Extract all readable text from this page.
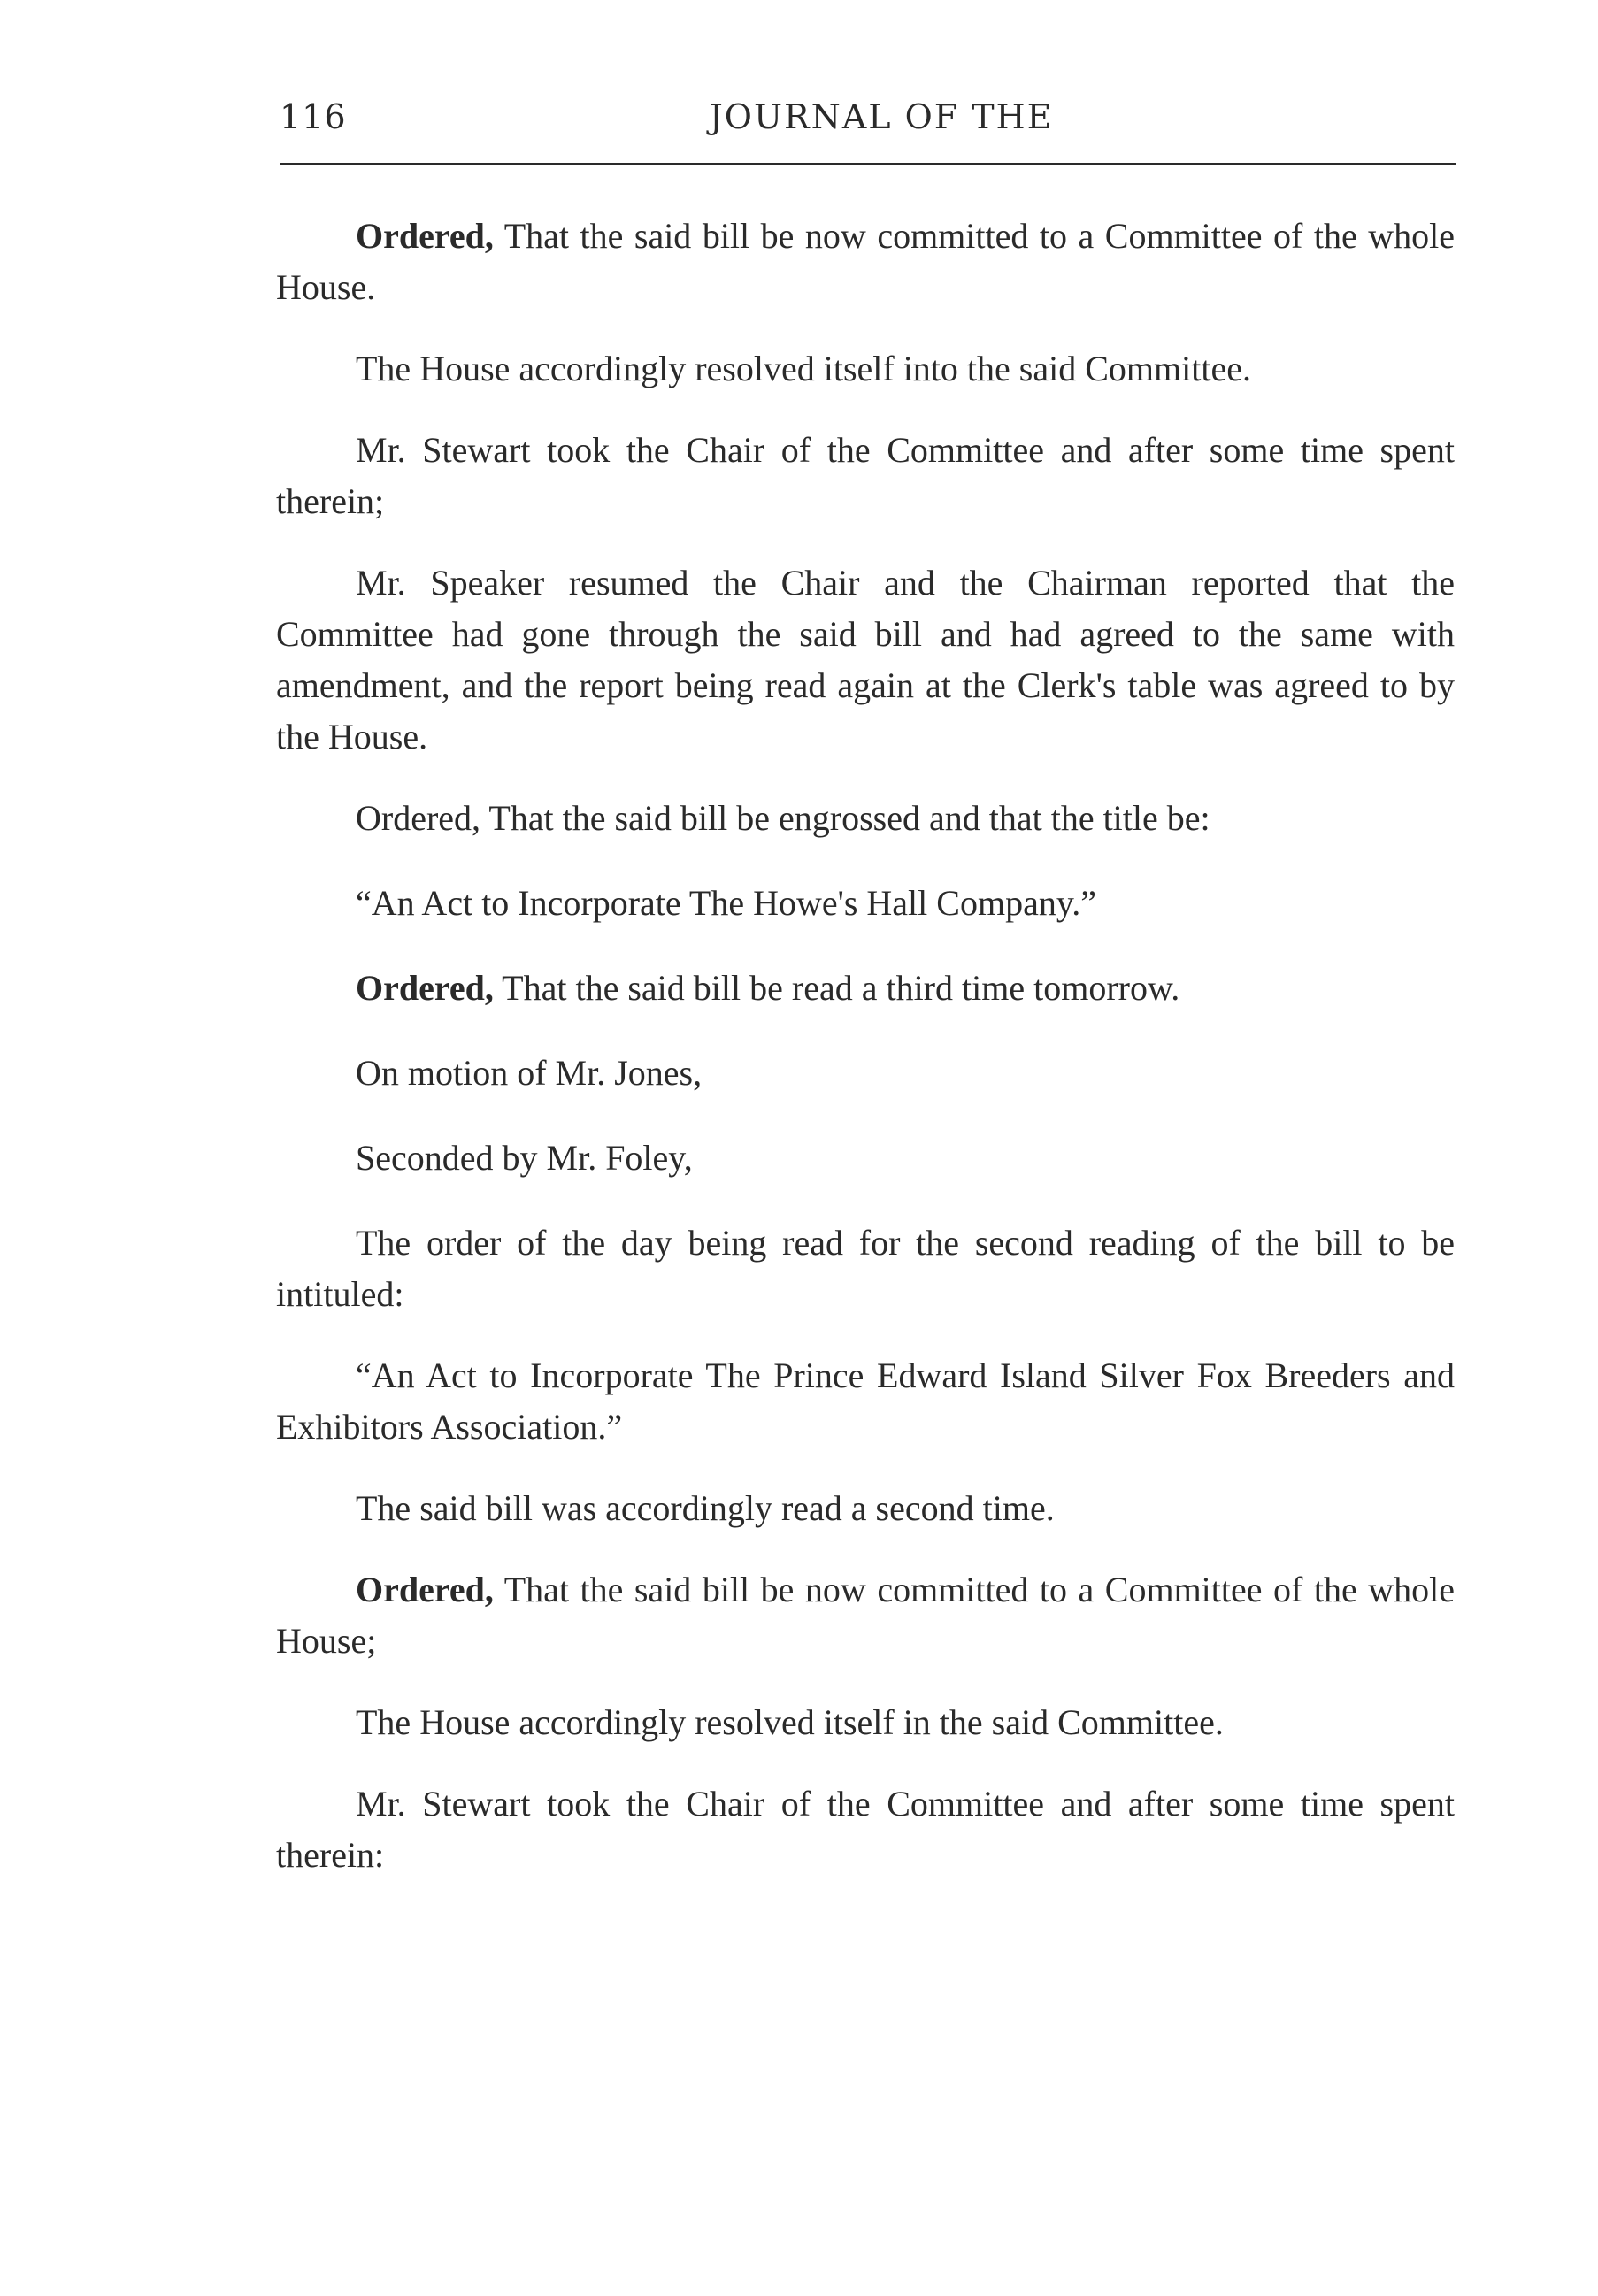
116	JOURNAL OF THE

Ordered, That the said bill be now committed to a Committee of the whole House.

The House accordingly resolved itself into the said Committee.

Mr. Stewart took the Chair of the Committee and after some time spent therein;

Mr. Speaker resumed the Chair and the Chairman reported that the Committee had gone through the said bill and had agreed to the same with amendment, and the report being read again at the Clerk's table was agreed to by the House.

Ordered, That the said bill be engrossed and that the title be:

“An Act to Incorporate The Howe's Hall Company.”

Ordered, That the said bill be read a third time tomorrow.

On motion of Mr. Jones,

Seconded by Mr. Foley,

The order of the day being read for the second reading of the bill to be intituled:

“An Act to Incorporate The Prince Edward Island Silver Fox Breeders and Exhibitors Association.”

The said bill was accordingly read a second time.

Ordered, That the said bill be now committed to a Committee of the whole House;

The House accordingly resolved itself in the said Committee.

Mr. Stewart took the Chair of the Committee and after some time spent therein:
